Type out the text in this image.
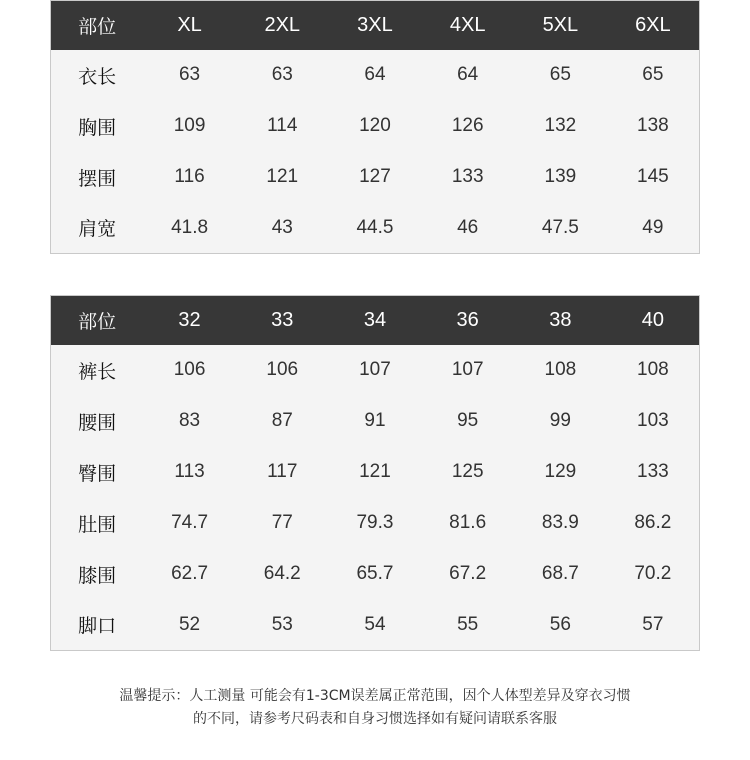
部位	XL	2XL	3XL	4XL	5XL	6XL
衣长	63	63	64	64	65	65
胸围	109	114	120	126	132	138
摆围	116	121	127	133	139	145
肩宽	41.8	43	44.5	46	47.5	49
部位	32	33	34	36	38	40
裤长	106	106	107	107	108	108
腰围	83	87	91	95	99	103
臀围	113	117	121	125	129	133
肚围	74.7	77	79.3	81.6	83.9	86.2
膝围	62.7	64.2	65.7	67.2	68.7	70.2
脚口	52	53	54	55	56	57
温馨提示：人工测量 可能会有1-3CM误差属正常范围，因个人体型差异及穿衣习惯
的不同，请参考尺码表和自身习惯选择如有疑问请联系客服
